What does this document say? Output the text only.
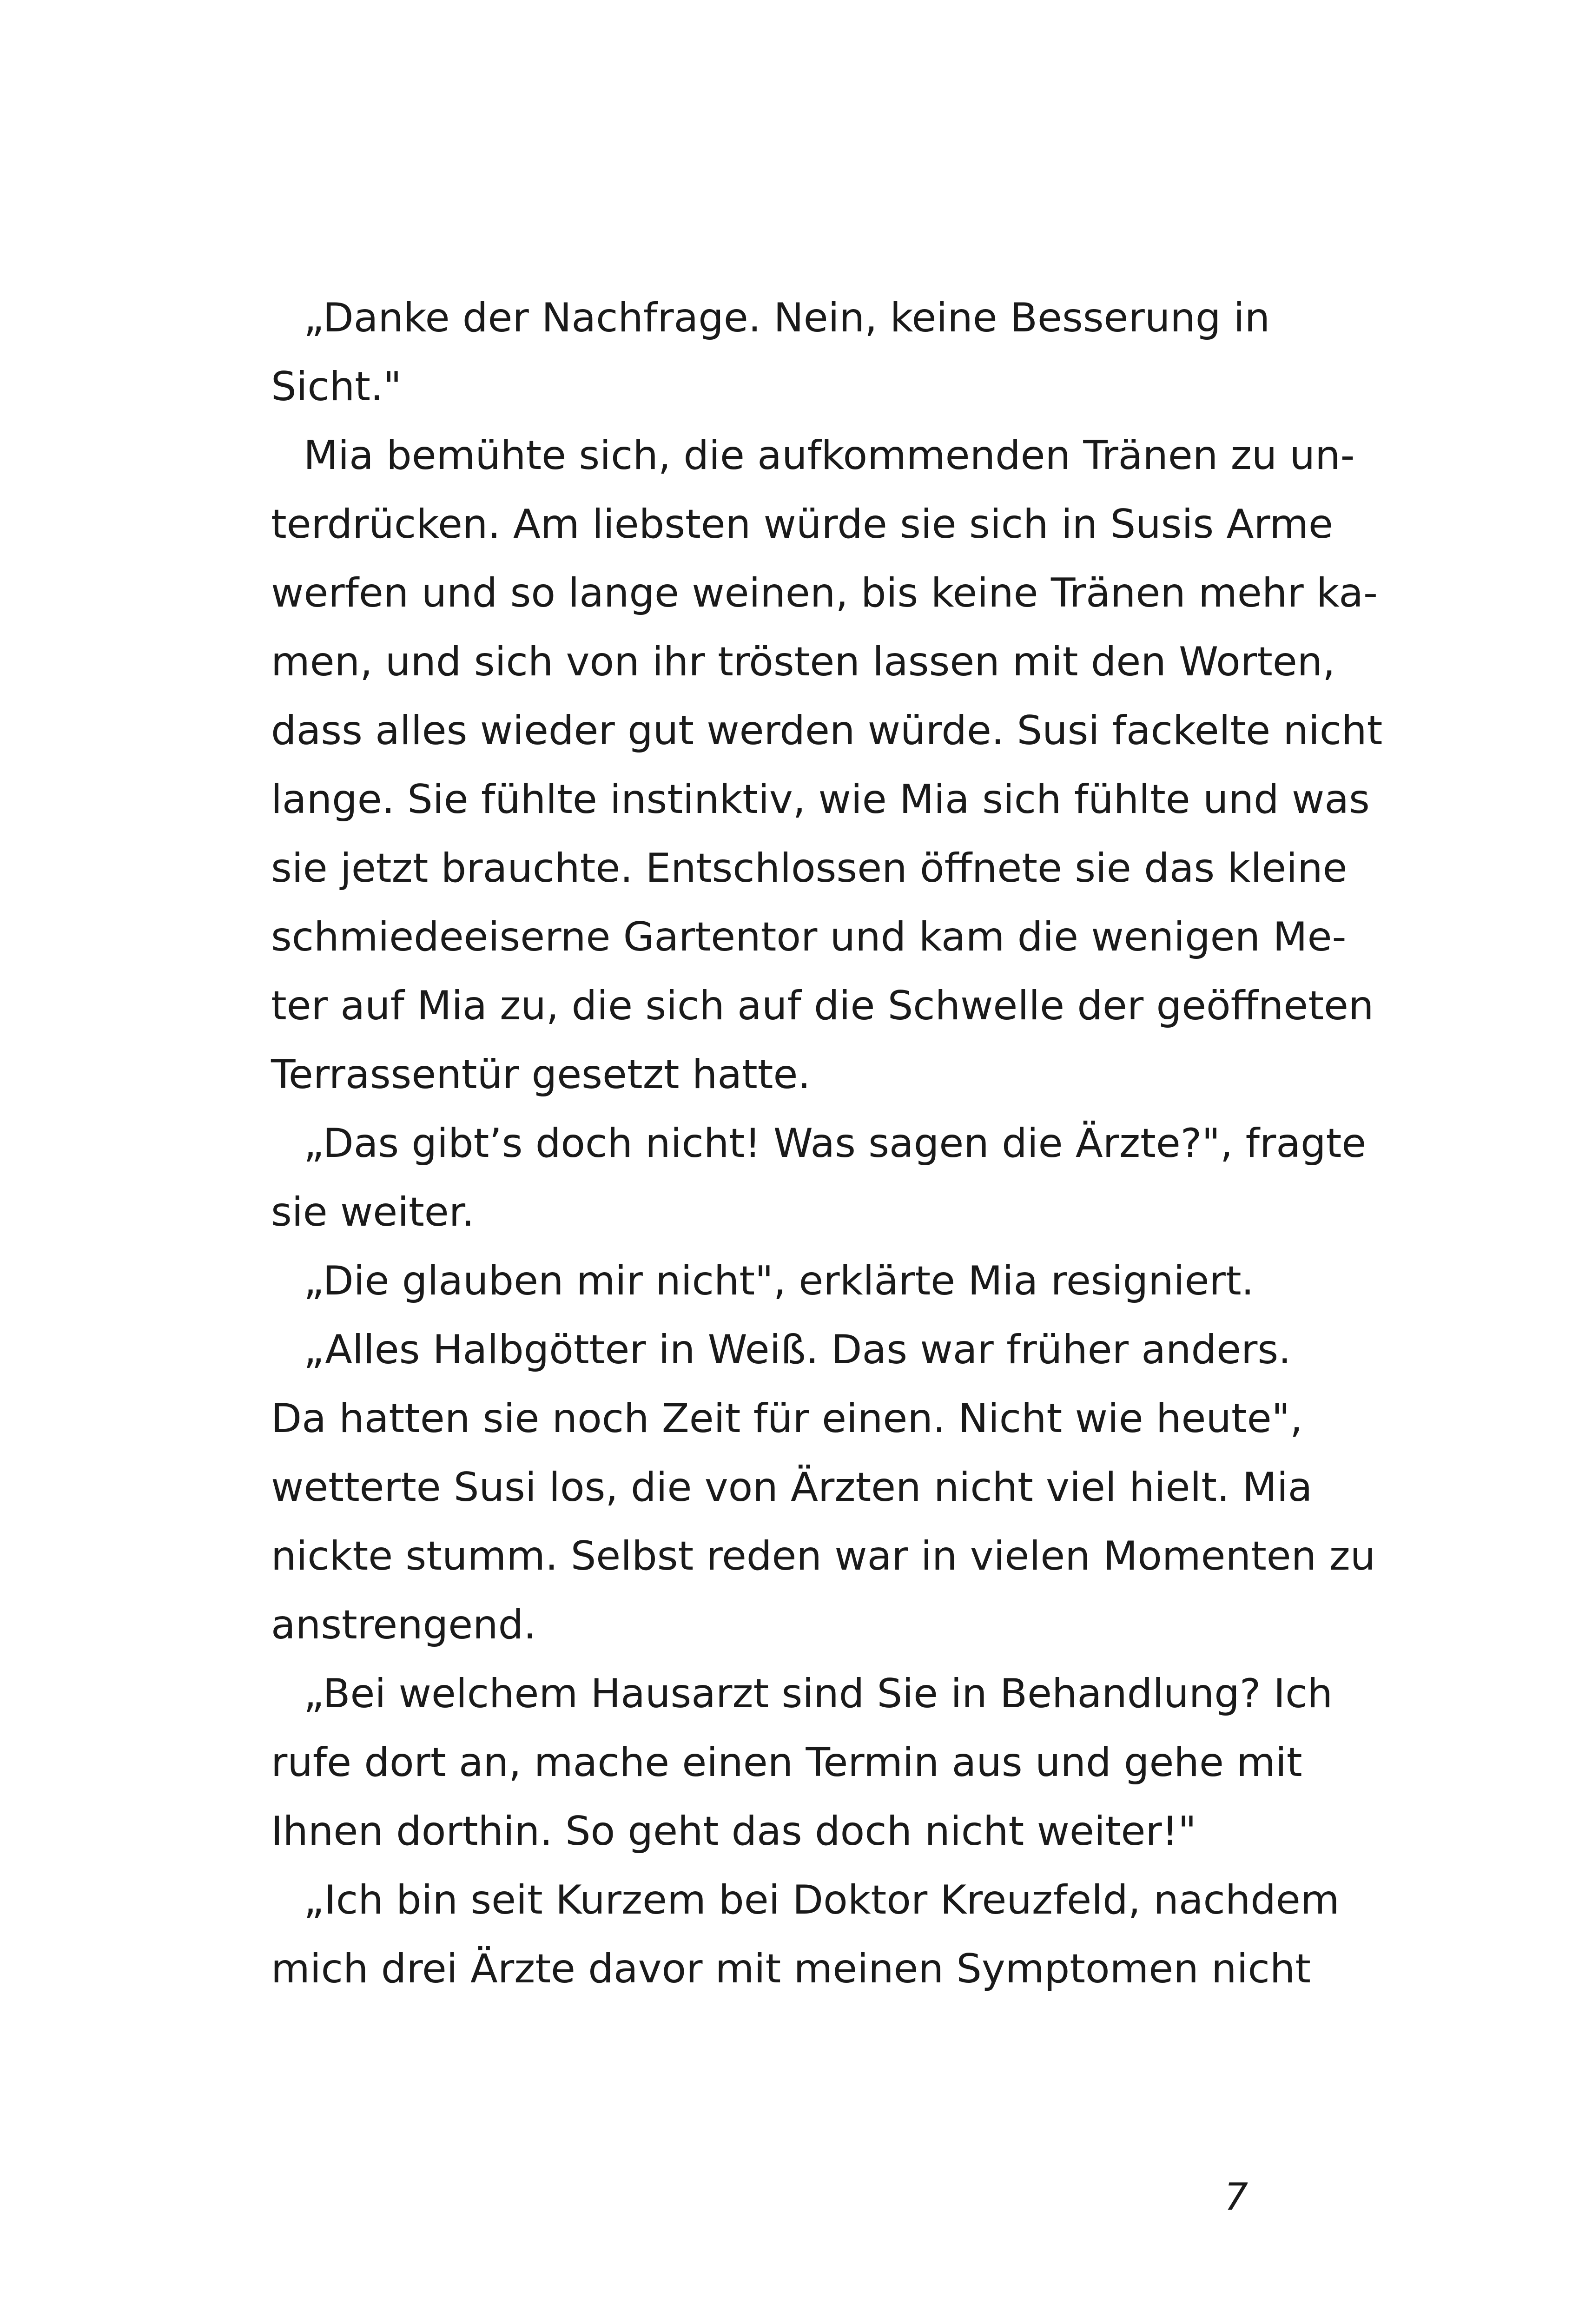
„Danke der Nachfrage. Nein, keine Besserung in
Sicht."
Mia bemühte sich, die aufkommenden Tränen zu un-
terdrücken. Am liebsten würde sie sich in Susis Arme
werfen und so lange weinen, bis keine Tränen mehr ka-
men, und sich von ihr trösten lassen mit den Worten,
dass alles wieder gut werden würde. Susi fackelte nicht
lange. Sie fühlte instinktiv, wie Mia sich fühlte und was
sie jetzt brauchte. Entschlossen öffnete sie das kleine
schmiedeeiserne Gartentor und kam die wenigen Me-
ter auf Mia zu, die sich auf die Schwelle der geöffneten
Terrassentür gesetzt hatte.
„Das gibt’s doch nicht! Was sagen die Ärzte?", fragte
sie weiter.
„Die glauben mir nicht", erklärte Mia resigniert.
„Alles Halbgötter in Weiß. Das war früher anders.
Da hatten sie noch Zeit für einen. Nicht wie heute",
wetterte Susi los, die von Ärzten nicht viel hielt. Mia
nickte stumm. Selbst reden war in vielen Momenten zu
anstrengend.
„Bei welchem Hausarzt sind Sie in Behandlung? Ich
rufe dort an, mache einen Termin aus und gehe mit
Ihnen dorthin. So geht das doch nicht weiter!"
„Ich bin seit Kurzem bei Doktor Kreuzfeld, nachdem
mich drei Ärzte davor mit meinen Symptomen nicht
7
